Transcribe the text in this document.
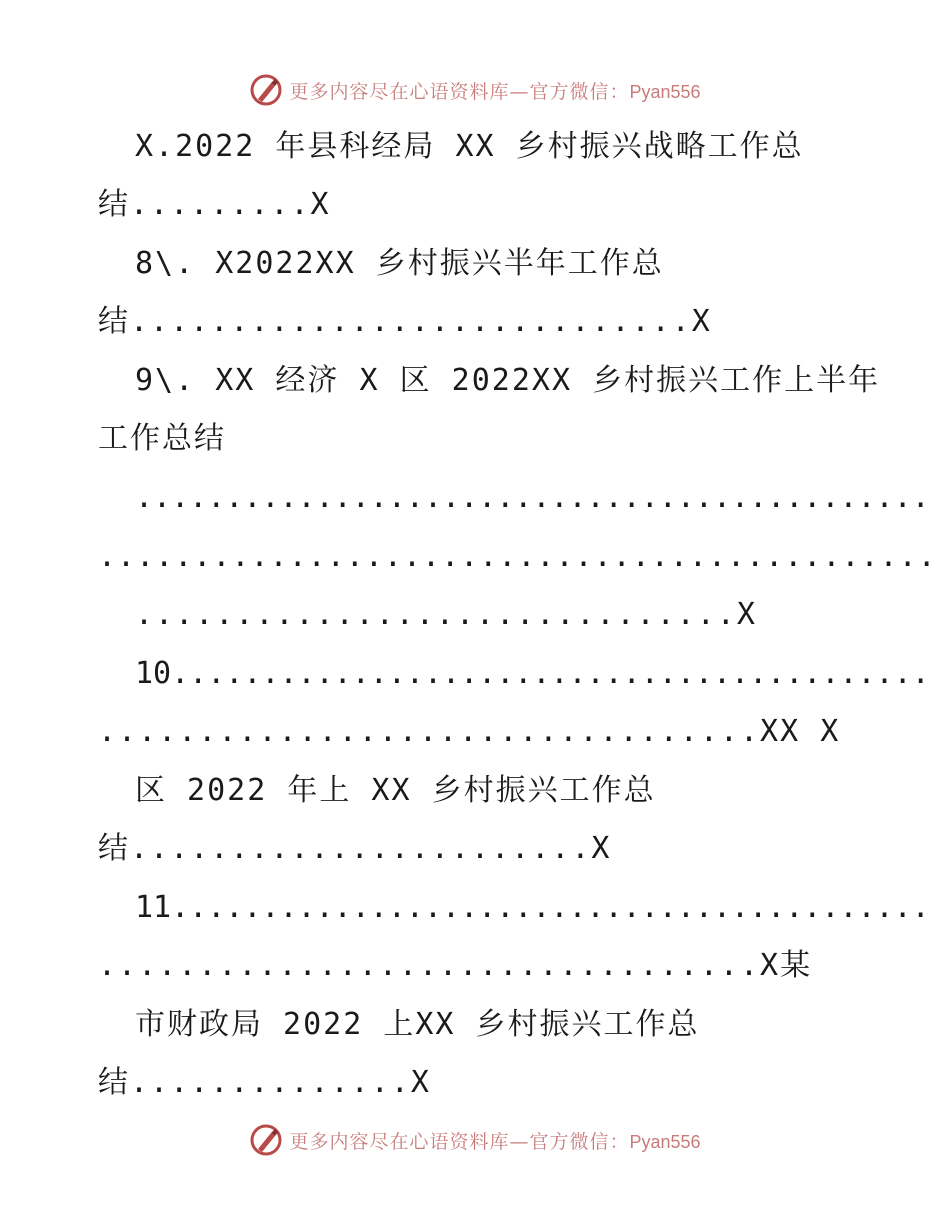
更多内容尽在心语资料库—官方微信：Pyan556
X.2022 年县科经局 XX 乡村振兴战略工作总
结.........X
8\. X2022XX 乡村振兴半年工作总
结............................X
9\. XX 经济 X 区 2022XX 乡村振兴工作上半年
工作总结
............................................
............................................
..............................X
10..........................................
.................................XX X
区 2022 年上 XX 乡村振兴工作总
结.......................X
11..........................................
.................................X某
市财政局 2022 上XX 乡村振兴工作总
结..............X
更多内容尽在心语资料库—官方微信：Pyan556
